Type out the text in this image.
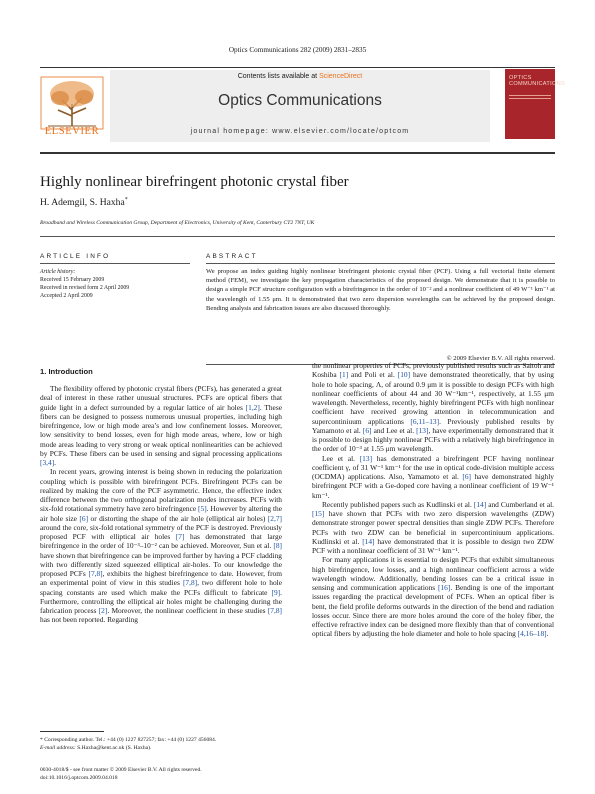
Optics Communications 282 (2009) 2831–2835
ELSEVIER
Contents lists available at ScienceDirect
Optics Communications
journal homepage: www.elsevier.com/locate/optcom
OPTICS COMMUNICATIONS
Highly nonlinear birefringent photonic crystal fiber
H. Ademgil, S. Haxha*
Broadband and Wireless Communication Group, Department of Electronics, University of Kent, Canterbury CT2 7NT, UK
ARTICLE INFO	ABSTRACT
Article history:
Received 15 February 2009
Received in revised form 2 April 2009
Accepted 2 April 2009
We propose an index guiding highly nonlinear birefringent photonic crystal fiber (PCF). Using a full vectorial finite element method (FEM), we investigate the key propagation characteristics of the proposed design. We demonstrate that it is possible to design a simple PCF structure configuration with a birefringence in the order of 10⁻² and a nonlinear coefficient of 49 W⁻¹ km⁻¹ at the wavelength of 1.55 μm. It is demonstrated that two zero dispersion wavelengths can be achieved by the proposed design. Bending analysis and fabrication issues are also discussed thoroughly.
© 2009 Elsevier B.V. All rights reserved.
1. Introduction

The flexibility offered by photonic crystal fibers (PCFs), has generated a great deal of interest in these rather unusual structures. PCFs are optical fibers that guide light in a defect surrounded by a regular lattice of air holes [1,2]. These fibers can be designed to possess numerous unusual properties, including high birefringence, low or high mode area’s and low confinement losses. Moreover, low sensitivity to bend losses, even for high mode areas, where, low or high mode areas leading to very strong or weak optical nonlinearities can be achieved by PCFs. These fibers can be used in sensing and signal processing applications [3,4].

In recent years, growing interest is being shown in reducing the polarization coupling which is possible with birefringent PCFs. Birefringent PCFs can be realized by making the core of the PCF asymmetric. Hence, the effective index difference between the two orthogonal polarization modes increases. PCFs with six-fold rotational symmetry have zero birefringence [5]. However by altering the air hole size [6] or distorting the shape of the air hole (elliptical air holes) [2,7] around the core, six-fold rotational symmetry of the PCF is destroyed. Previously proposed PCF with elliptical air holes [7] has demonstrated that large birefringence in the order of 10⁻³–10⁻² can be achieved. Moreover, Sun et al. [8] have shown that birefringence can be improved further by having a PCF cladding with two differently sized squeezed elliptical air-holes. To our knowledge the proposed PCFs [7,8], exhibits the highest birefringence to date. However, from an experimental point of view in this studies [7,8], two different hole to hole spacing constants are used which make the PCFs difficult to fabricate [9]. Furthermore, controlling the elliptical air holes might be challenging during the fabrication process [2]. Moreover, the nonlinear coefficient in these studies [7,8] has not been reported. Regarding

the nonlinear properties of PCFs, previously published results such as Saitoh and Koshiba [1] and Poli et al. [10] have demonstrated theoretically, that by using hole to hole spacing, Λ, of around 0.9 μm it is possible to design PCFs with high nonlinear coefficients of about 44 and 30 W⁻¹km⁻¹, respectively, at 1.55 μm wavelength. Nevertheless, recently, highly birefringent PCFs with high nonlinear coefficient have received growing attention in telecommunication and supercontiniuum applications [6,11–13]. Previously published results by Yamamoto et al. [6] and Lee et al. [13], have experimentally demonstrated that it is possible to design highly nonlinear PCFs with a relatively high birefringence in the order of 10⁻³ at 1.55 μm wavelength.

Lee et al. [13] has demonstrated a birefringent PCF having nonlinear coefficient γ, of 31 W⁻¹ km⁻¹ for the use in optical code-division multiple access (OCDMA) applications. Also, Yamamoto et al. [6] have demonstrated highly birefringent PCF with a Ge-doped core having a nonlinear coefficient of 19 W⁻¹ km⁻¹.

Recently published papers such as Kudlinski et al. [14] and Cumberland et al. [15] have shown that PCFs with two zero dispersion wavelengths (ZDW) demonstrate stronger power spectral densities than single ZDW PCFs. Therefore PCFs with two ZDW can be beneficial in supercontiniuum applications. Kudlinski et al. [14] have demonstrated that it is possible to design two ZDW PCF with a nonlinear coefficient of 31 W⁻¹ km⁻¹.

For many applications it is essential to design PCFs that exhibit simultaneous high birefringence, low losses, and a high nonlinear coefficient across a wide wavelength window. Additionally, bending losses can be a critical issue in sensing and communication applications [16]. Bending is one of the important issues regarding the practical development of PCFs. When an optical fiber is bent, the field profile deforms outwards in the direction of the bend and radiation losses occur. Since there are more holes around the core of the holey fiber, the effective refractive index can be designed more flexibly than that of conventional optical fibers by adjusting the hole diameter and hole to hole spacing [4,16–18].

* Corresponding author. Tel.: +44 (0) 1227 827257; fax: +44 (0) 1227 456084.
E-mail address: S.Haxha@kent.ac.uk (S. Haxha).
0030-4018/$ - see front matter © 2009 Elsevier B.V. All rights reserved.
doi:10.1016/j.optcom.2009.04.018
